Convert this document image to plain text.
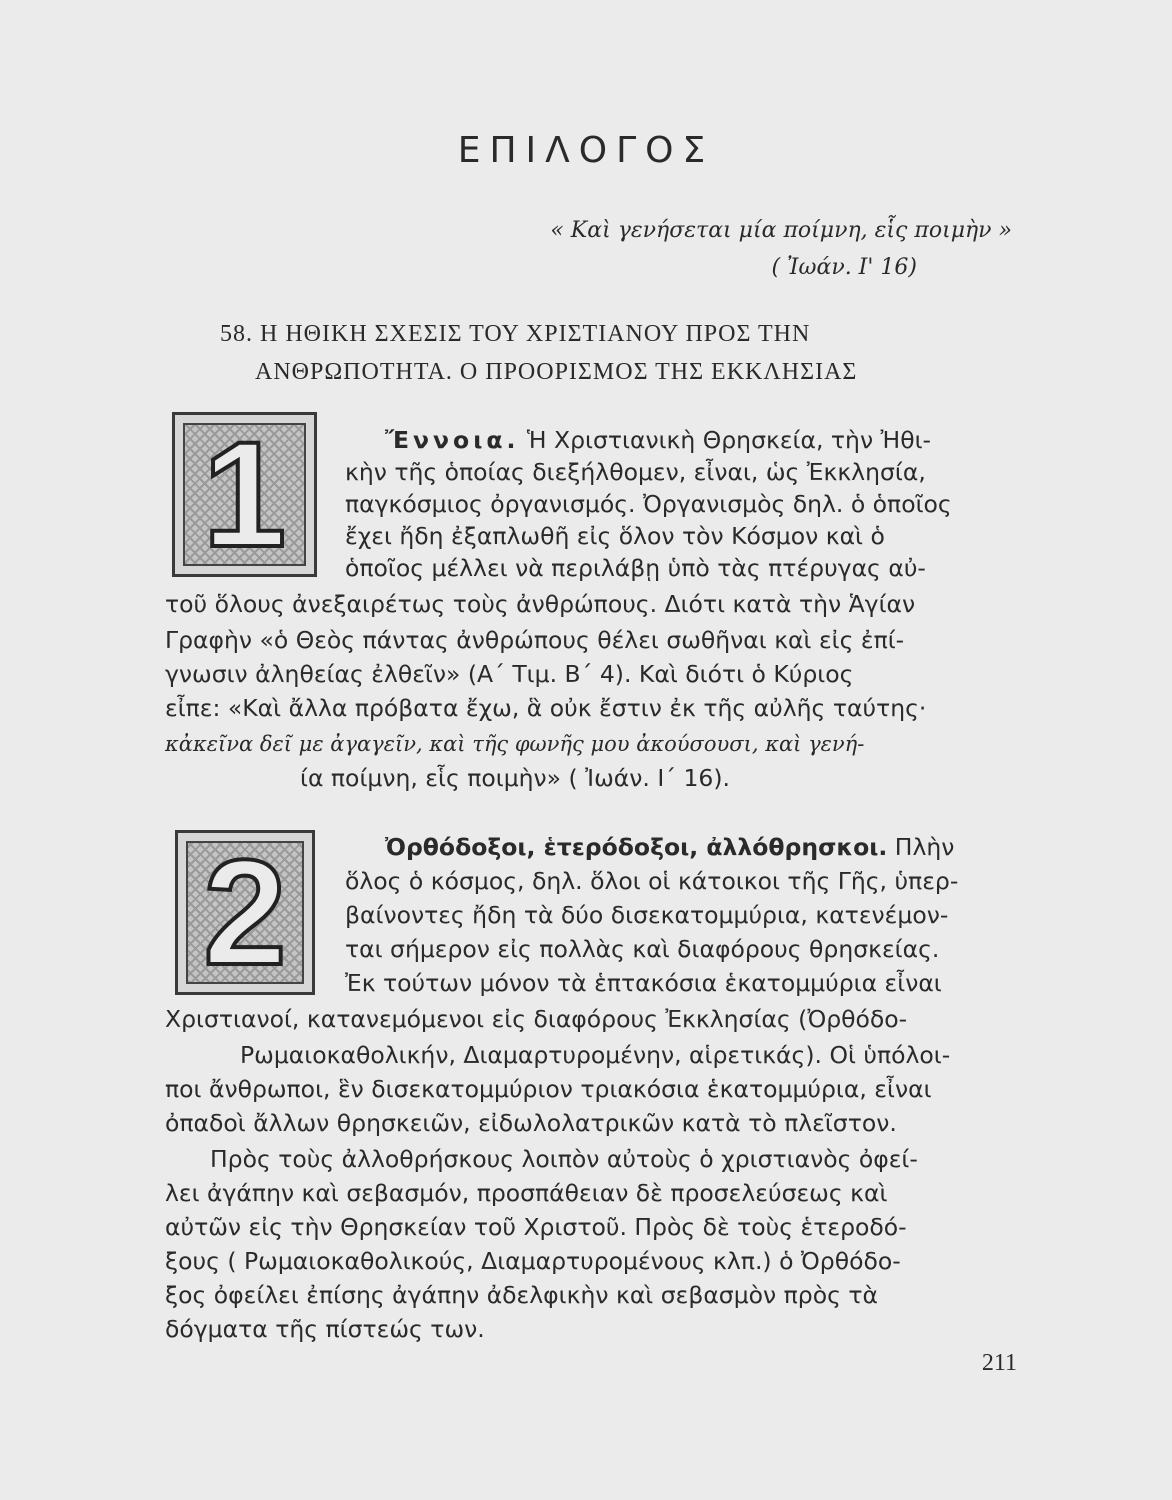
ΕΠΙΛΟΓΟΣ
« Καὶ γενήσεται μία ποίμνη, εἷς ποιμὴν »
( Ἰωάν. Ι' 16)
58. Η ΗΘΙΚΗ ΣΧΕΣΙΣ ΤΟΥ ΧΡΙΣΤΙΑΝΟΥ ΠΡΟΣ ΤΗΝ
ΑΝΘΡΩΠΟΤΗΤΑ. Ο ΠΡΟΟΡΙΣΜΟΣ ΤΗΣ ΕΚΚΛΗΣΙΑΣ
1	Ἔννοια. Ἡ Χριστιανικὴ Θρησκεία, τὴν Ἠθι-
κὴν τῆς ὁποίας διεξήλθομεν, εἶναι, ὡς Ἐκκλησία,
παγκόσμιος ὀργανισμός. Ὀργανισμὸς δηλ. ὁ ὁποῖος
ἔχει ἤδη ἐξαπλωθῆ εἰς ὅλον τὸν Κόσμον καὶ ὁ
ὁποῖος μέλλει νὰ περιλάβῃ ὑπὸ τὰς πτέρυγας αὐ-
τοῦ ὅλους ἀνεξαιρέτως τοὺς ἀνθρώπους. Διότι κατὰ τὴν Ἁγίαν
Γραφὴν «ὁ Θεὸς πάντας ἀνθρώπους θέλει σωθῆναι καὶ εἰς ἐπί-
γνωσιν ἀληθείας ἐλθεῖν» (Α΄ Τιμ. Β΄ 4). Καὶ διότι ὁ Κύριος
εἶπε: «Καὶ ἄλλα πρόβατα ἔχω, ἃ οὐκ ἔστιν ἐκ τῆς αὐλῆς ταύτης·
κἀκεῖνα δεῖ με ἀγαγεῖν, καὶ τῆς φωνῆς μου ἀκούσουσι, καὶ γενή-
ία ποίμνη, εἷς ποιμὴν» ( Ἰωάν. Ι΄ 16).
2	Ὀρθόδοξοι, ἑτερόδοξοι, ἀλλόθρησκοι. Πλὴν
ὅλος ὁ κόσμος, δηλ. ὅλοι οἱ κάτοικοι τῆς Γῆς, ὑπερ-
βαίνοντες ἤδη τὰ δύο δισεκατομμύρια, κατενέμον-
ται σήμερον εἰς πολλὰς καὶ διαφόρους θρησκείας.
Ἐκ τούτων μόνον τὰ ἑπτακόσια ἑκατομμύρια εἶναι
Χριστιανοί, κατανεμόμενοι εἰς διαφόρους Ἐκκλησίας (Ὀρθόδο-
Ρωμαιοκαθολικήν, Διαμαρτυρομένην, αἱρετικάς). Οἱ ὑπόλοι-
ποι ἄνθρωποι, ἓν δισεκατομμύριον τριακόσια ἑκατομμύρια, εἶναι
ὀπαδοὶ ἄλλων θρησκειῶν, εἰδωλολατρικῶν κατὰ τὸ πλεῖστον.
Πρὸς τοὺς ἀλλοθρήσκους λοιπὸν αὐτοὺς ὁ χριστιανὸς ὀφεί-
λει ἀγάπην καὶ σεβασμόν, προσπάθειαν δὲ προσελεύσεως καὶ
αὐτῶν εἰς τὴν Θρησκείαν τοῦ Χριστοῦ. Πρὸς δὲ τοὺς ἑτεροδό-
ξους ( Ρωμαιοκαθολικούς, Διαμαρτυρομένους κλπ.) ὁ Ὀρθόδο-
ξος ὀφείλει ἐπίσης ἀγάπην ἀδελφικὴν καὶ σεβασμὸν πρὸς τὰ
δόγματα τῆς πίστεώς των.
211
